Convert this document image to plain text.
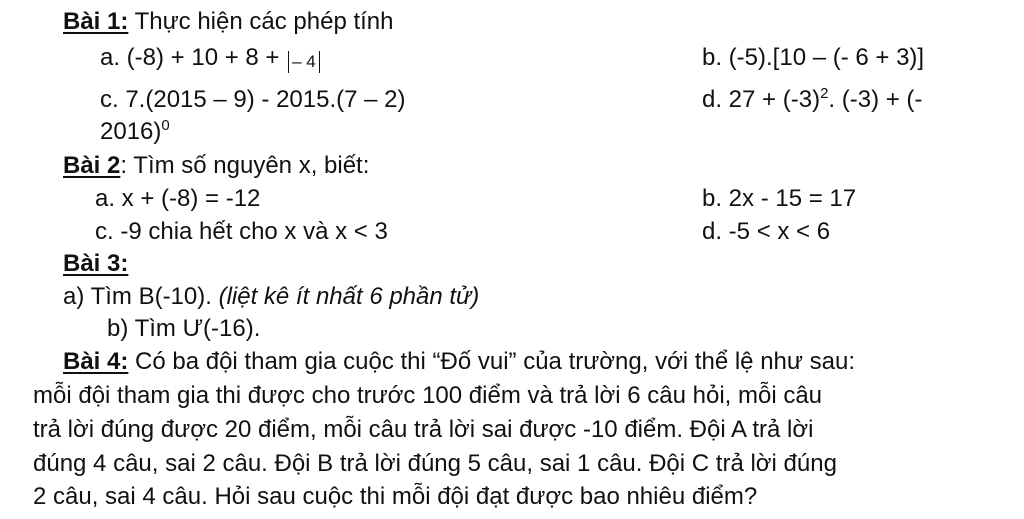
Bài 1: Thực hiện các phép tính
a. (-8) + 10 + 8 + – 4	b. (-5).[10 – (- 6 + 3)]
c. 7.(2015 – 9) - 2015.(7 – 2)	d. $27 + (-3)^2$. (-3) + (-
2016)$^0$
Bài 2: Tìm số nguyên x, biết:
a. x + (-8) = -12	b. 2x - 15 = 17
c. -9 chia hết cho x và x < 3	d. -5 < x < 6
Bài 3:
a) Tìm B(-10). (liệt kê ít nhất 6 phần tử)
b) Tìm Ư(-16).
Bài 4: Có ba đội tham gia cuộc thi “Đố vui” của trường, với thể lệ như sau:
mỗi đội tham gia thi được cho trước 100 điểm và trả lời 6 câu hỏi, mỗi câu
trả lời đúng được 20 điểm, mỗi câu trả lời sai được -10 điểm. Đội A trả lời
đúng 4 câu, sai 2 câu. Đội B trả lời đúng 5 câu, sai 1 câu. Đội C trả lời đúng
2 câu, sai 4 câu. Hỏi sau cuộc thi mỗi đội đạt được bao nhiêu điểm?
